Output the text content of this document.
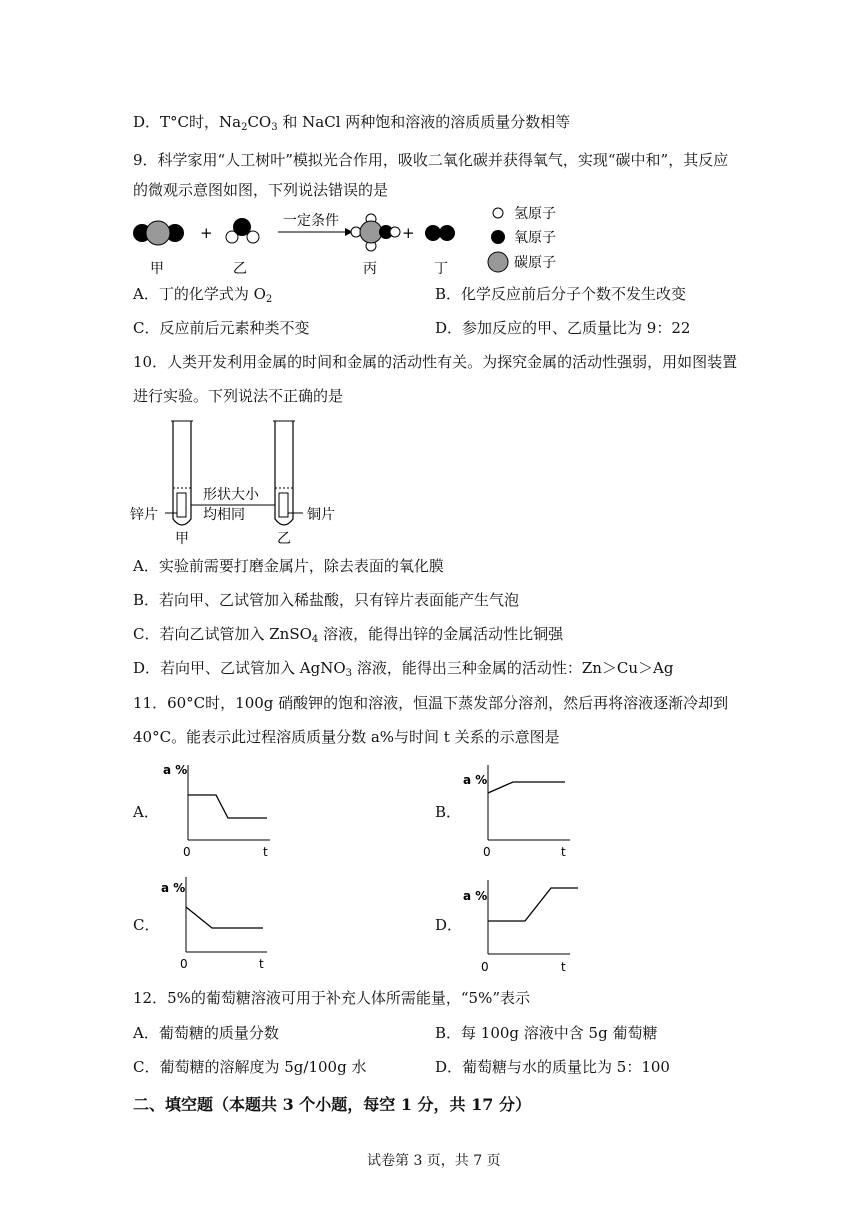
D．T°C时，$Na_2CO_3$ 和 NaCl 两种饱和溶液的溶质质量分数相等
9．科学家用“人工树叶”模拟光合作用，吸收二氧化碳并获得氧气，实现“碳中和”，其反应
的微观示意图如图，下列说法错误的是
+
一定条件
+
氢原子
氧原子
碳原子
甲	乙	丙	丁
A．丁的化学式为 $O_2$	B．化学反应前后分子个数不发生改变
C．反应前后元素种类不变	D．参加反应的甲、乙质量比为 9：22
10．人类开发利用金属的时间和金属的活动性有关。为探究金属的活动性强弱，用如图装置
进行实验。下列说法不正确的是
锌片	铜片
形状大小
均相同
甲	乙
A．实验前需要打磨金属片，除去表面的氧化膜
B．若向甲、乙试管加入稀盐酸，只有锌片表面能产生气泡
C．若向乙试管加入 ZnSO$_4$ 溶液，能得出锌的金属活动性比铜强
D．若向甲、乙试管加入 AgNO$_3$ 溶液，能得出三种金属的活动性：Zn＞Cu＞Ag
11．60°C时，100g 硝酸钾的饱和溶液，恒温下蒸发部分溶剂，然后再将溶液逐渐冷却到
40°C。能表示此过程溶质质量分数 a%与时间 t 关系的示意图是
A．
a %
0	t
B．
a %
0	t
C．
a %
0	t
D．
a %
0	t
12．5%的葡萄糖溶液可用于补充人体所需能量，“5%”表示
A．葡萄糖的质量分数	B．每 100g 溶液中含 5g 葡萄糖
C．葡萄糖的溶解度为 5g/100g 水	D．葡萄糖与水的质量比为 5：100
二、填空题（本题共 3 个小题，每空 1 分，共 17 分）
试卷第 3 页，共 7 页
